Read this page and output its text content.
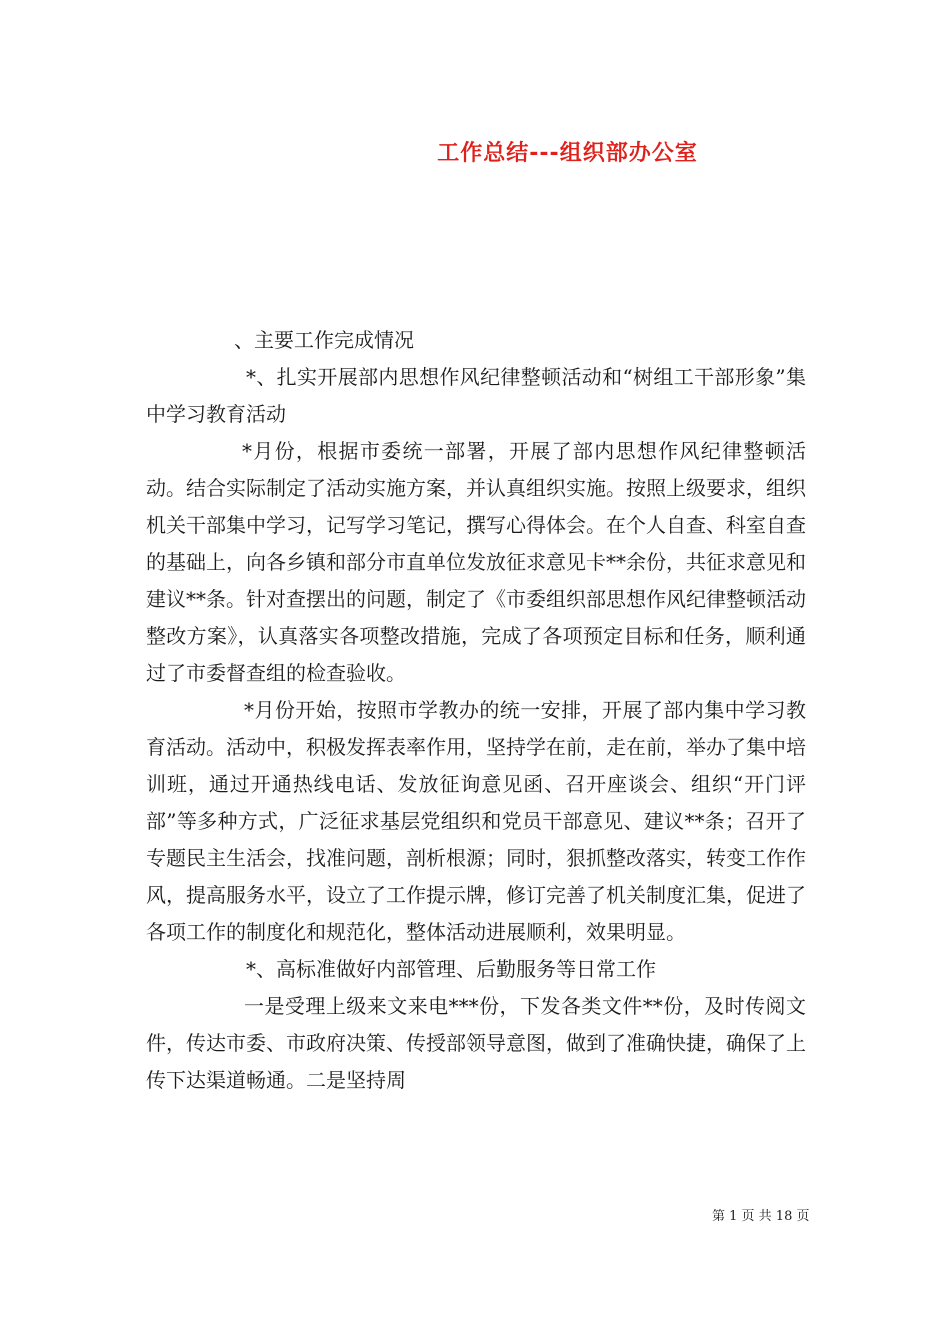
工作总结---组织部办公室

、主要工作完成情况

*、扎实开展部内思想作风纪律整顿活动和“树组工干部形象”集中学习教育活动

*月份，根据市委统一部署，开展了部内思想作风纪律整顿活动。结合实际制定了活动实施方案，并认真组织实施。按照上级要求，组织机关干部集中学习，记写学习笔记，撰写心得体会。在个人自查、科室自查的基础上，向各乡镇和部分市直单位发放征求意见卡**余份，共征求意见和建议**条。针对查摆出的问题，制定了《市委组织部思想作风纪律整顿活动整改方案》，认真落实各项整改措施，完成了各项预定目标和任务，顺利通过了市委督查组的检查验收。

*月份开始，按照市学教办的统一安排，开展了部内集中学习教育活动。活动中，积极发挥表率作用，坚持学在前，走在前，举办了集中培训班，通过开通热线电话、发放征询意见函、召开座谈会、组织“开门评部”等多种方式，广泛征求基层党组织和党员干部意见、建议**条；召开了专题民主生活会，找准问题，剖析根源；同时，狠抓整改落实，转变工作作风，提高服务水平，设立了工作提示牌，修订完善了机关制度汇集，促进了各项工作的制度化和规范化，整体活动进展顺利，效果明显。

*、高标准做好内部管理、后勤服务等日常工作

一是受理上级来文来电***份，下发各类文件**份，及时传阅文件，传达市委、市政府决策、传授部领导意图，做到了准确快捷，确保了上传下达渠道畅通。二是坚持周

第 1 页 共 18 页
